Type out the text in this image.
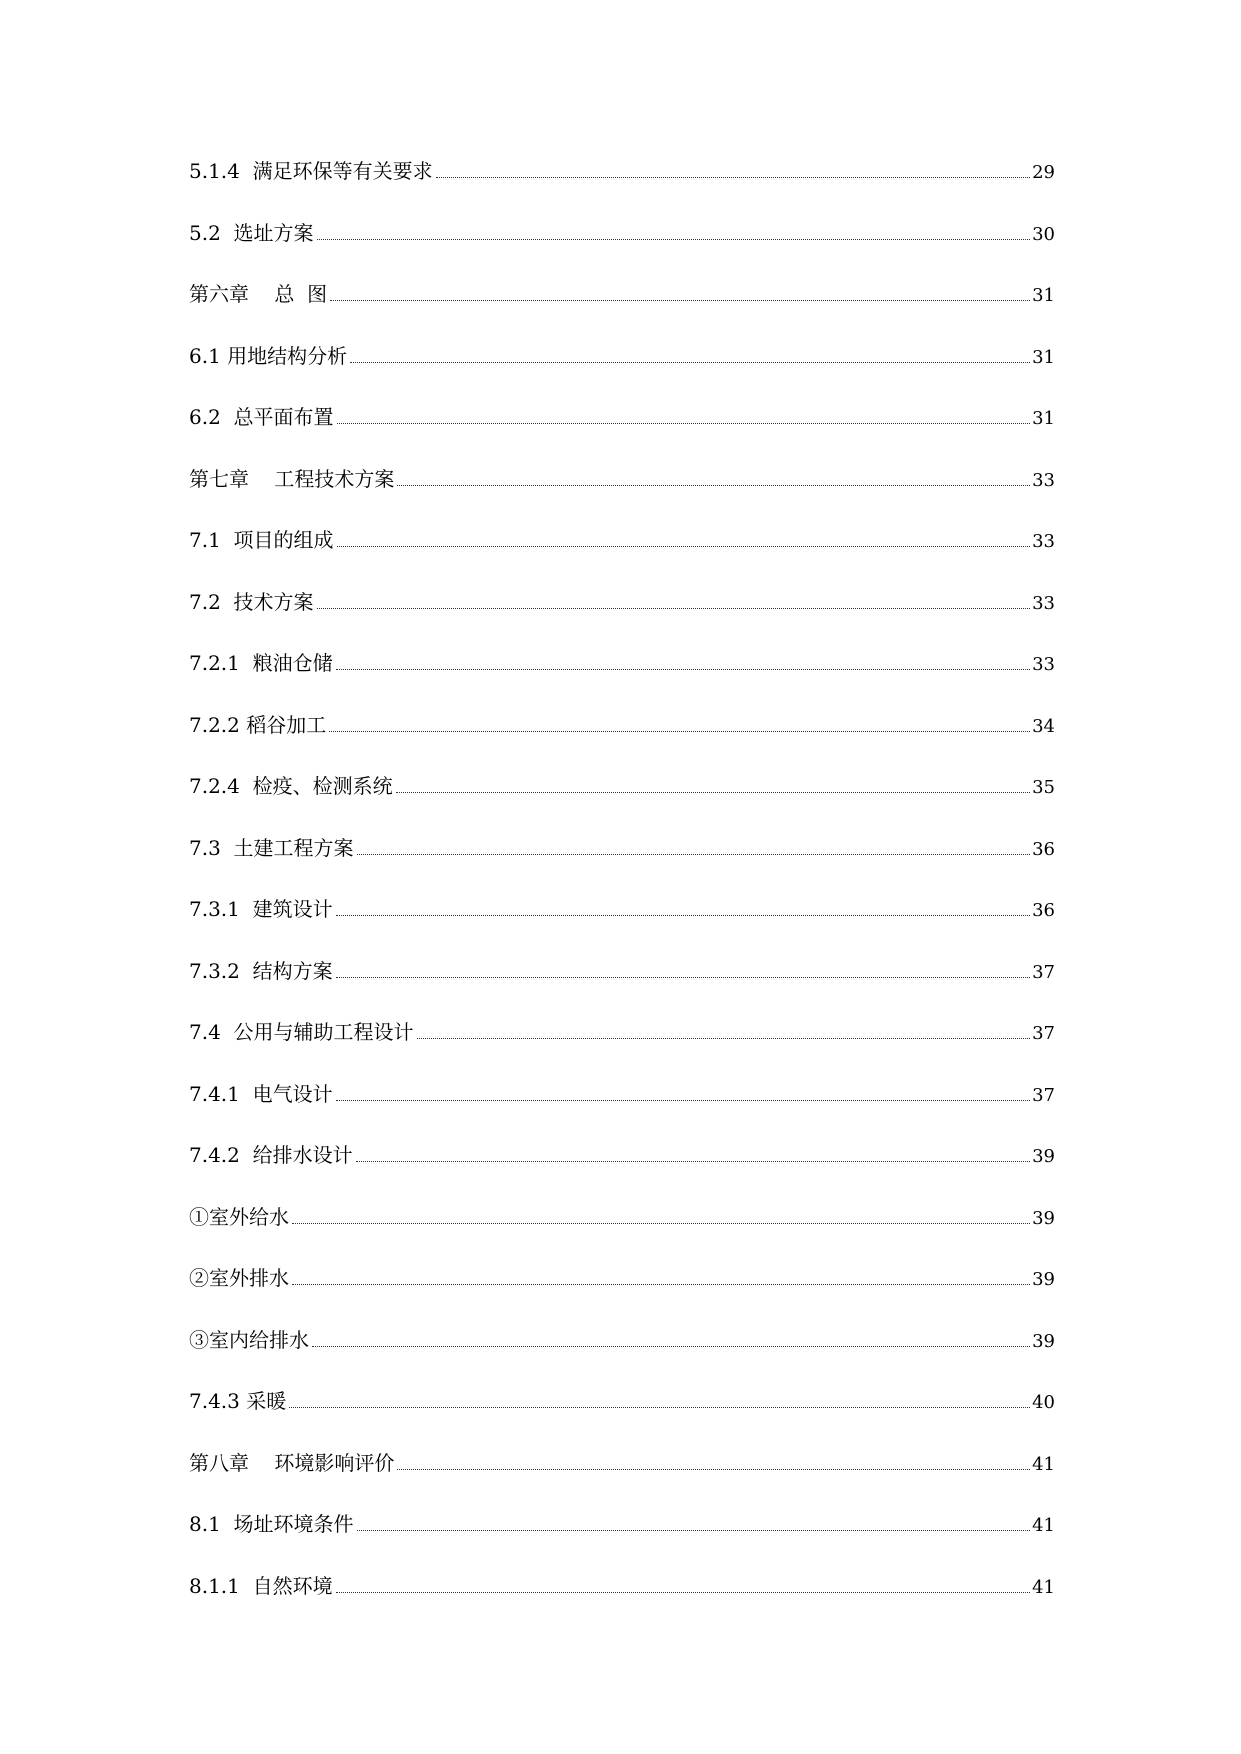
5.1.4  满足环保等有关要求	29
5.2  选址方案	30
第六章    总  图	31
6.1 用地结构分析	31
6.2  总平面布置	31
第七章    工程技术方案	33
7.1  项目的组成	33
7.2  技术方案	33
7.2.1  粮油仓储	33
7.2.2 稻谷加工	34
7.2.4  检疫、检测系统	35
7.3  土建工程方案	36
7.3.1  建筑设计	36
7.3.2  结构方案	37
7.4  公用与辅助工程设计	37
7.4.1  电气设计	37
7.4.2  给排水设计	39
①室外给水	39
②室外排水	39
③室内给排水	39
7.4.3 采暖	40
第八章    环境影响评价	41
8.1  场址环境条件	41
8.1.1  自然环境	41
